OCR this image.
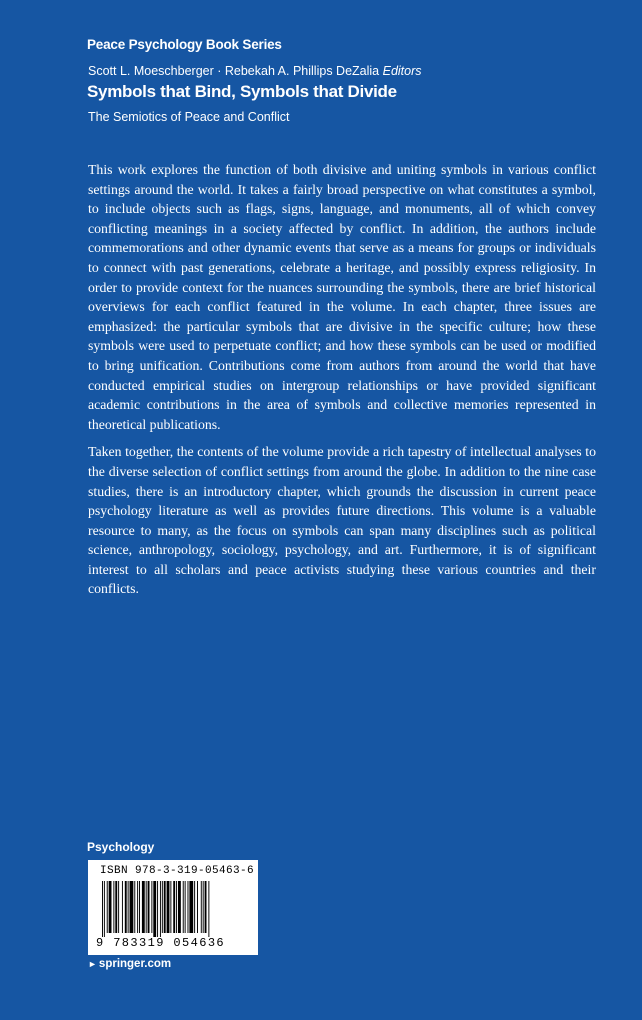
Peace Psychology Book Series
Scott L. Moeschberger · Rebekah A. Phillips DeZalia Editors
Symbols that Bind, Symbols that Divide
The Semiotics of Peace and Conflict

This work explores the function of both divisive and uniting symbols in various conflict settings around the world. It takes a fairly broad perspective on what constitutes a symbol, to include objects such as flags, signs, language, and monuments, all of which convey conflicting meanings in a society affected by conflict. In addition, the authors include commemorations and other dynamic events that serve as a means for groups or individuals to connect with past generations, celebrate a heritage, and possibly express religiosity. In order to provide context for the nuances surrounding the symbols, there are brief historical overviews for each conflict featured in the volume. In each chapter, three issues are emphasized: the particular symbols that are divisive in the specific culture; how these symbols were used to perpetuate conflict; and how these symbols can be used or modified to bring unification. Contributions come from authors from around the world that have conducted empirical studies on intergroup relationships or have provided significant academic contributions in the area of symbols and collective memories represented in theoretical publications.

Taken together, the contents of the volume provide a rich tapestry of intellectual analyses to the diverse selection of conflict settings from around the globe. In addition to the nine case studies, there is an introductory chapter, which grounds the discussion in current peace psychology literature as well as provides future directions. This volume is a valuable resource to many, as the focus on symbols can span many disciplines such as political science, anthropology, sociology, psychology, and art. Furthermore, it is of significant interest to all scholars and peace activists studying these various countries and their conflicts.

Psychology
ISBN 978-3-319-05463-6
9 783319 054636
► springer.com
